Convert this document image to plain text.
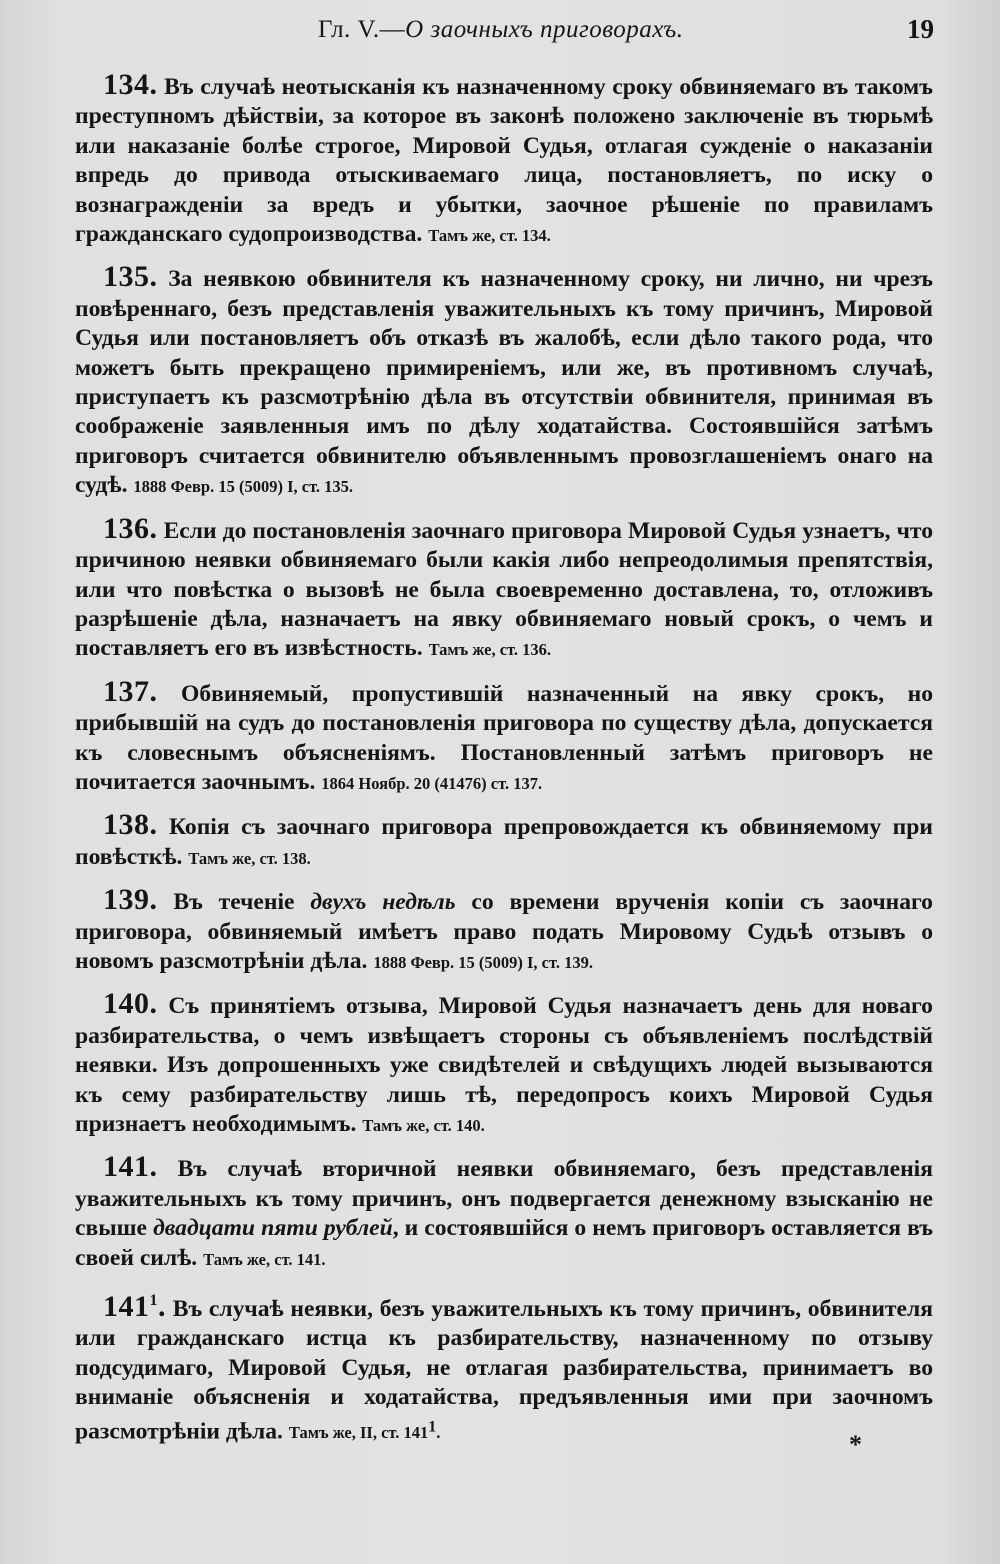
Гл. V.—О заочныхъ приговорахъ.	19

134. Въ случаѣ неотысканія къ назначенному сроку обвиняемаго въ такомъ преступномъ дѣйствіи, за которое въ законѣ положено заключеніе въ тюрьмѣ или наказаніе болѣе строгое, Мировой Судья, отлагая сужденіе о наказаніи впредь до привода отыскиваемаго лица, постановляетъ, по иску о вознагражденіи за вредъ и убытки, заочное рѣшеніе по правиламъ гражданскаго судопроизводства. Тамъ же, ст. 134.

135. За неявкою обвинителя къ назначенному сроку, ни лично, ни чрезъ повѣреннаго, безъ представленія уважительныхъ къ тому причинъ, Мировой Судья или постановляетъ объ отказѣ въ жалобѣ, если дѣло такого рода, что можетъ быть прекращено примиреніемъ, или же, въ противномъ случаѣ, приступаетъ къ разсмотрѣнію дѣла въ отсутствіи обвинителя, принимая въ соображеніе заявленныя имъ по дѣлу ходатайства. Состоявшійся затѣмъ приговоръ считается обвинителю объявленнымъ провозглашеніемъ онаго на судѣ. 1888 Февр. 15 (5009) I, ст. 135.

136. Если до постановленія заочнаго приговора Мировой Судья узнаетъ, что причиною неявки обвиняемаго были какія либо непреодолимыя препятствія, или что повѣстка о вызовѣ не была своевременно доставлена, то, отложивъ разрѣшеніе дѣла, назначаетъ на явку обвиняемаго новый срокъ, о чемъ и поставляетъ его въ извѣстность. Тамъ же, ст. 136.

137. Обвиняемый, пропустившій назначенный на явку срокъ, но прибывшій на судъ до постановленія приговора по существу дѣла, допускается къ словеснымъ объясненіямъ. Постановленный затѣмъ приговоръ не почитается заочнымъ. 1864 Ноябр. 20 (41476) ст. 137.

138. Копія съ заочнаго приговора препровождается къ обвиняемому при повѣсткѣ. Тамъ же, ст. 138.

139. Въ теченіе двухъ недѣль со времени врученія копіи съ заочнаго приговора, обвиняемый имѣетъ право подать Мировому Судьѣ отзывъ о новомъ разсмотрѣніи дѣла. 1888 Февр. 15 (5009) I, ст. 139.

140. Съ принятіемъ отзыва, Мировой Судья назначаетъ день для новаго разбирательства, о чемъ извѣщаетъ стороны съ объявленіемъ послѣдствій неявки. Изъ допрошенныхъ уже свидѣтелей и свѣдущихъ людей вызываются къ сему разбирательству лишь тѣ, передопросъ коихъ Мировой Судья признаетъ необходимымъ. Тамъ же, ст. 140.

141. Въ случаѣ вторичной неявки обвиняемаго, безъ представленія уважительныхъ къ тому причинъ, онъ подвергается денежному взысканію не свыше двадцати пяти рублей, и состоявшійся о немъ приговоръ оставляется въ своей силѣ. Тамъ же, ст. 141.

$141^1$. Въ случаѣ неявки, безъ уважительныхъ къ тому причинъ, обвинителя или гражданскаго истца къ разбирательству, назначенному по отзыву подсудимаго, Мировой Судья, не отлагая разбирательства, принимаетъ во вниманіе объясненія и ходатайства, предъявленныя ими при заочномъ разсмотрѣніи дѣла. Тамъ же, II, ст. 1411.	*
